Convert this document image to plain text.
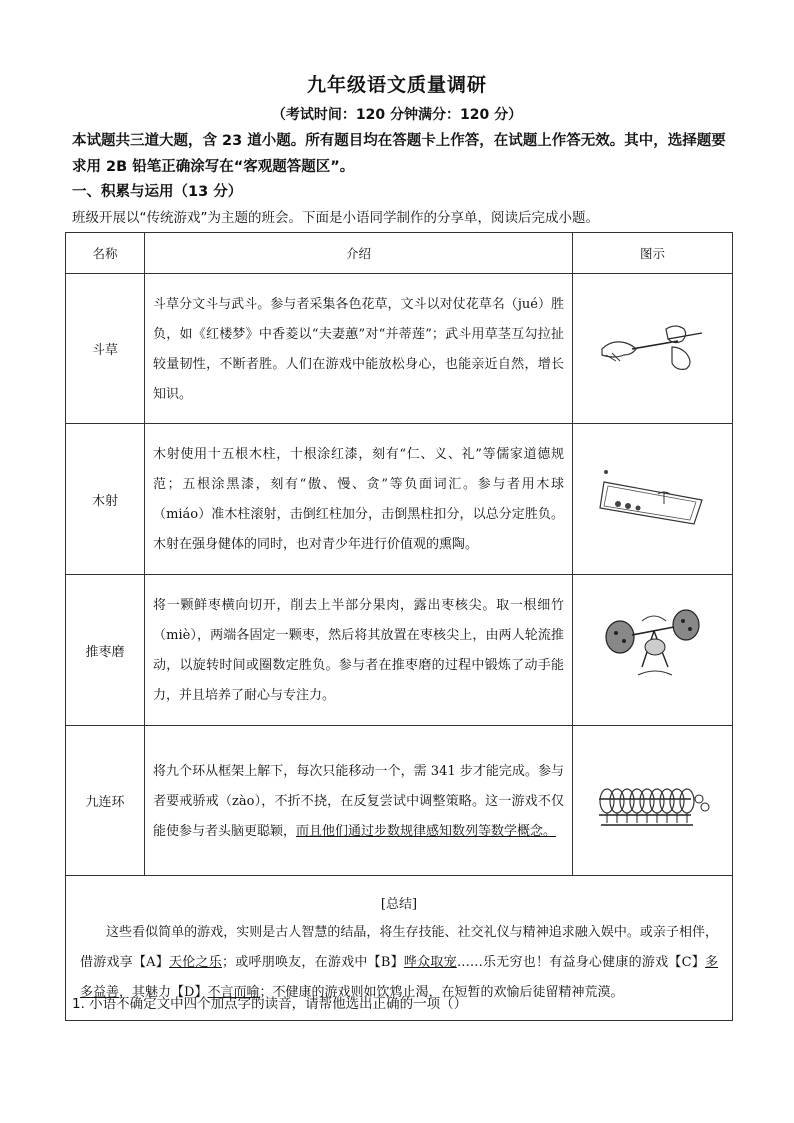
九年级语文质量调研
（考试时间：120 分钟满分：120 分）
本试题共三道大题，含 23 道小题。所有题目均在答题卡上作答，在试题上作答无效。其中，选择题要求用 2B 铅笔正确涂写在“客观题答题区”。
一、积累与运用（13 分）
班级开展以“传统游戏”为主题的班会。下面是小语同学制作的分享单，阅读后完成小题。
名称	介绍	图示
斗草	斗草分文斗与武斗。参与者采集各色花草，文斗以对仗花草名（jué）胜负，如《红楼梦》中香菱以“夫妻蕙”对“并蒂莲”；武斗用草茎互勾拉扯较量韧性，不断者胜。人们在游戏中能放松身心，也能亲近自然，增长知识。	

木射	木射使用十五根木柱，十根涂红漆，刻有“仁、义、礼”等儒家道德规范；五根涂黑漆，刻有“傲、慢、贪”等负面词汇。参与者用木球（miáo）准木柱滚射，击倒红柱加分，击倒黑柱扣分，以总分定胜负。木射在强身健体的同时，也对青少年进行价值观的熏陶。	

推枣磨	将一颗鲜枣横向切开，削去上半部分果肉，露出枣核尖。取一根细竹（miè），两端各固定一颗枣，然后将其放置在枣核尖上，由两人轮流推动，以旋转时间或圈数定胜负。参与者在推枣磨的过程中锻炼了动手能力，并且培养了耐心与专注力。	

九连环	将九个环从框架上解下，每次只能移动一个，需 341 步才能完成。参与者要戒骄戒（zào），不折不挠，在反复尝试中调整策略。这一游戏不仅能使参与者头脑更聪颖，而且他们通过步数规律感知数列等数学概念。	

[总结]
这些看似简单的游戏，实则是古人智慧的结晶，将生存技能、社交礼仪与精神追求融入娱中。或亲子相伴，借游戏享【A】天伦之乐；或呼朋唤友，在游戏中【B】哗众取宠……乐无穷也！有益身心健康的游戏【C】多多益善，其魅力【D】不言而喻；不健康的游戏则如饮鸩止渴，在短暂的欢愉后徒留精神荒漠。		
1. 小语不确定文中四个加点字的读音，请帮他选出正确的一项（）
